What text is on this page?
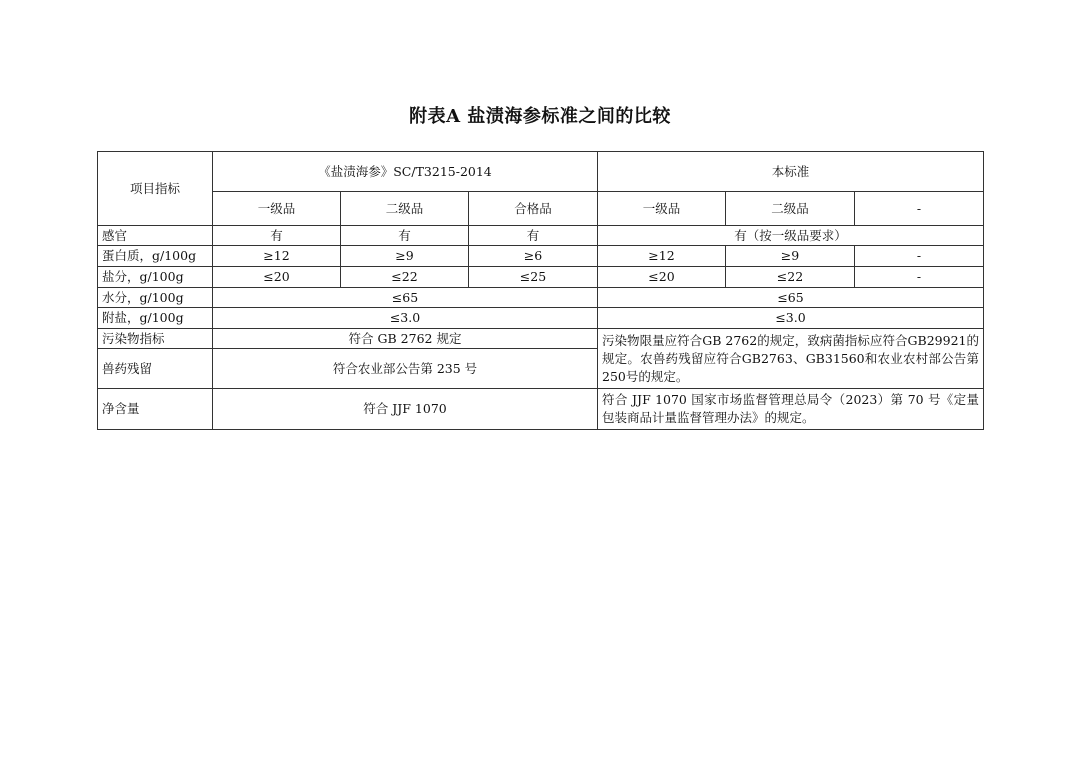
附表A 盐渍海参标准之间的比较
项目指标	《盐渍海参》SC/T3215-2014			本标准		
	一级品	二级品	合格品	一级品	二级品	-
感官	有	有	有	有（按一级品要求）		
蛋白质，g/100g	≥12	≥9	≥6	≥12	≥9	-
盐分，g/100g	≤20	≤22	≤25	≤20	≤22	-
水分，g/100g	≤65			≤65		
附盐，g/100g	≤3.0			≤3.0		
污染物指标	符合 GB 2762 规定			污染物限量应符合GB 2762的规定，致病菌指标应符合GB29921的规定。农兽药残留应符合GB2763、GB31560和农业农村部公告第250号的规定。		
兽药残留	符合农业部公告第 235 号					
净含量	符合 JJF 1070			符合 JJF 1070 国家市场监督管理总局令（2023）第 70 号《定量包装商品计量监督管理办法》的规定。		
